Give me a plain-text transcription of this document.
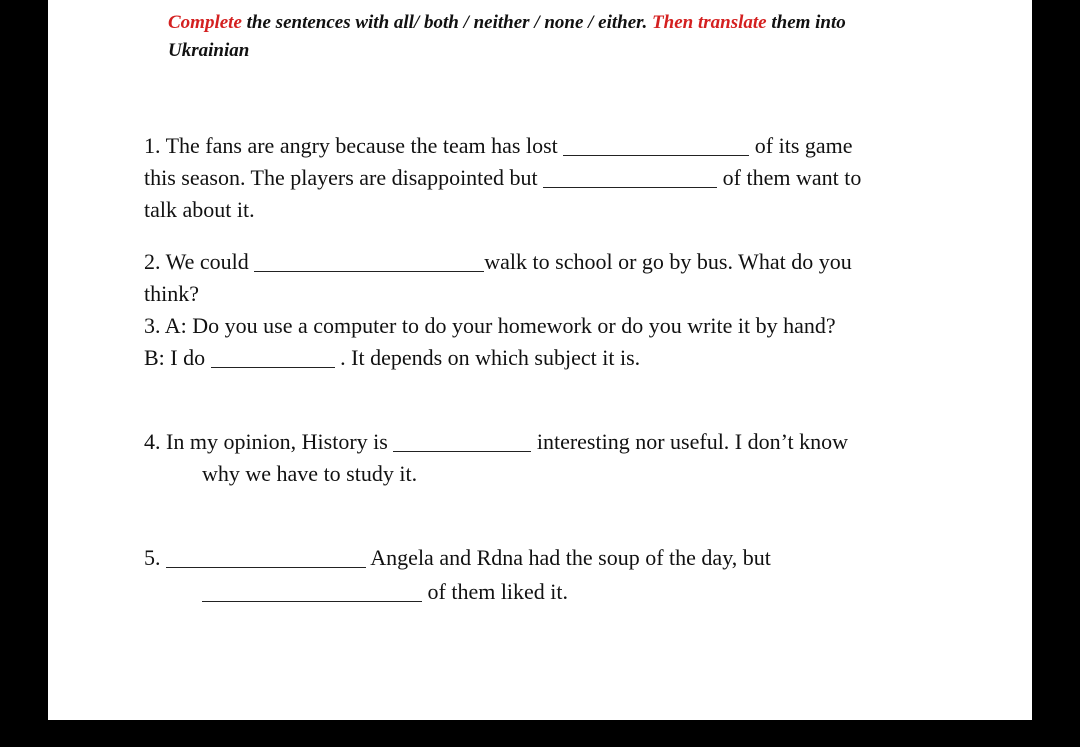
Complete the sentences with all/ both / neither / none / either. Then translate them into
Ukrainian
1. The fans are angry because the team has lost	of its game
this season. The players are disappointed but	of them want to
talk about it.
2. We could	walk to school or go by bus. What do you
think?
3. A: Do you use a computer to do your homework or do you write it by hand?
B: I do	. It depends on which subject it is.
4. In my opinion, History is	interesting nor useful. I don’t know
why we have to study it.
5.	Angela and Rdna had the soup of the day, but
of them liked it.
